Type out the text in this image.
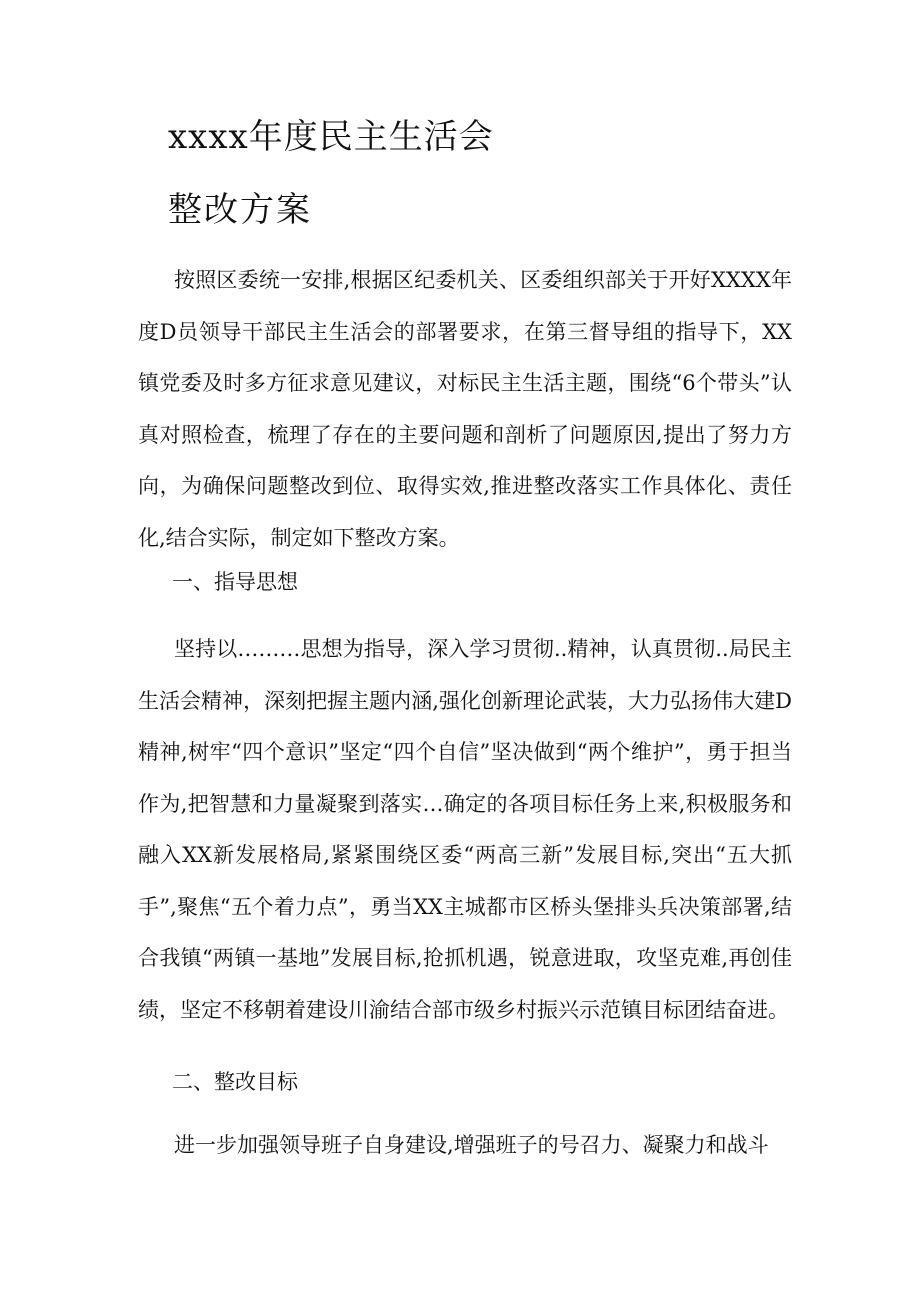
xxxx年度民主生活会
整改方案
按照区委统一安排,根据区纪委机关、区委组织部关于开好XXXX年度D员领导干部民主生活会的部署要求，在第三督导组的指导下，XX镇党委及时多方征求意见建议，对标民主生活主题，围绕“6个带头”认真对照检查，梳理了存在的主要问题和剖析了问题原因,提出了努力方向，为确保问题整改到位、取得实效,推进整改落实工作具体化、责任化,结合实际，制定如下整改方案。
一、指导思想
坚持以………思想为指导，深入学习贯彻..精神，认真贯彻..局民主生活会精神，深刻把握主题内涵,强化创新理论武装，大力弘扬伟大建D精神,树牢“四个意识”坚定“四个自信”坚决做到“两个维护”，勇于担当作为,把智慧和力量凝聚到落实…确定的各项目标任务上来,积极服务和融入XX新发展格局,紧紧围绕区委“两高三新”发展目标,突出“五大抓手”,聚焦“五个着力点”，勇当XX主城都市区桥头堡排头兵决策部署,结合我镇“两镇一基地”发展目标,抢抓机遇，锐意进取，攻坚克难,再创佳绩，坚定不移朝着建设川渝结合部市级乡村振兴示范镇目标团结奋进。
二、整改目标
进一步加强领导班子自身建设,增强班子的号召力、凝聚力和战斗
